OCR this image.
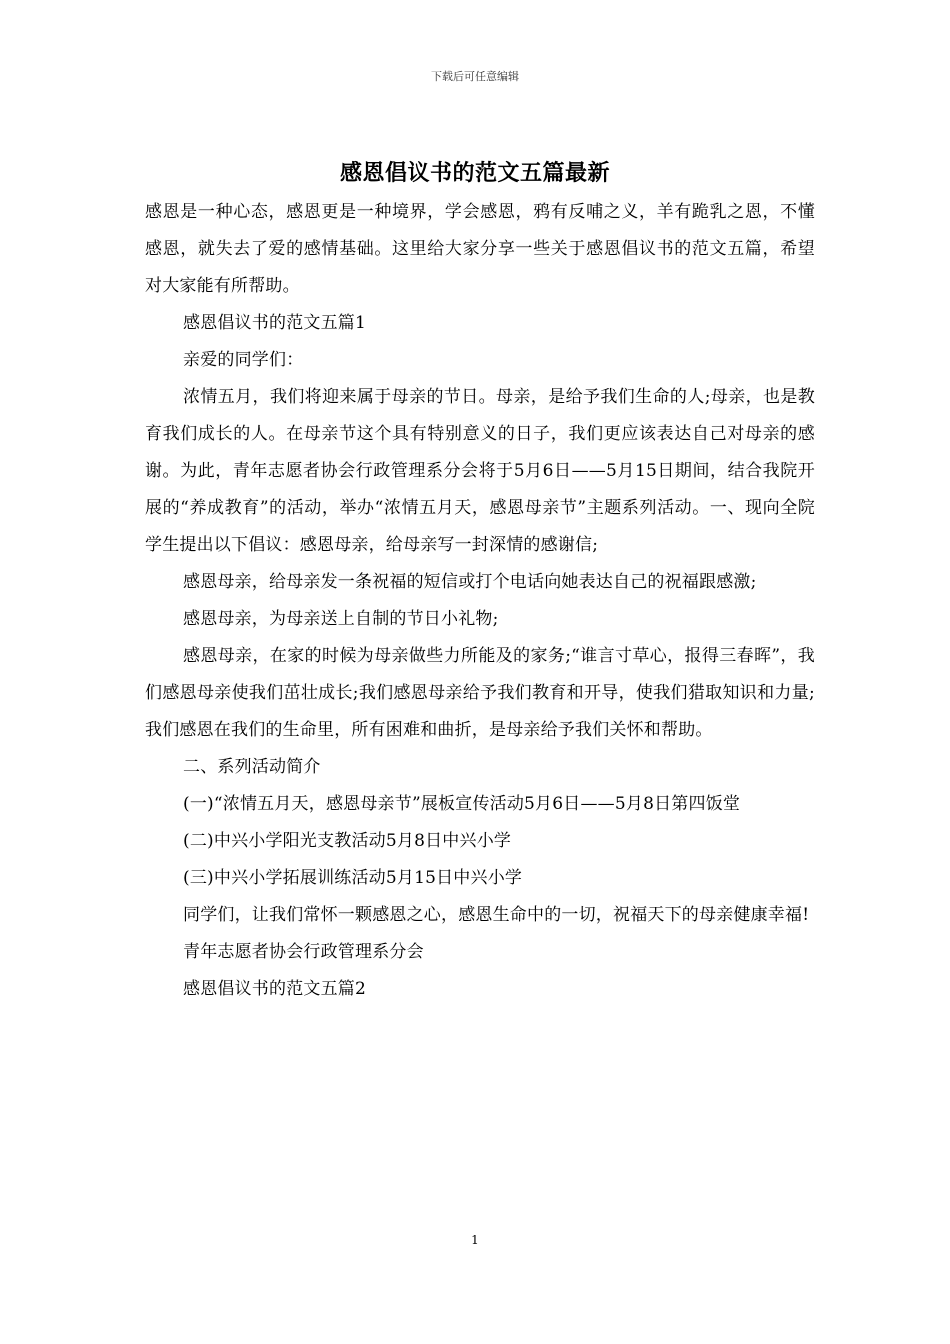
下载后可任意编辑
感恩倡议书的范文五篇最新

感恩是一种心态，感恩更是一种境界，学会感恩，鸦有反哺之义，羊有跪乳之恩，不懂感恩，就失去了爱的感情基础。这里给大家分享一些关于感恩倡议书的范文五篇，希望对大家能有所帮助。

感恩倡议书的范文五篇1

亲爱的同学们：

浓情五月，我们将迎来属于母亲的节日。母亲，是给予我们生命的人;母亲，也是教育我们成长的人。在母亲节这个具有特别意义的日子，我们更应该表达自己对母亲的感谢。为此，青年志愿者协会行政管理系分会将于5月6日——5月15日期间，结合我院开展的“养成教育”的活动，举办“浓情五月天，感恩母亲节”主题系列活动。一、现向全院学生提出以下倡议：感恩母亲，给母亲写一封深情的感谢信;

感恩母亲，给母亲发一条祝福的短信或打个电话向她表达自己的祝福跟感激;

感恩母亲，为母亲送上自制的节日小礼物;

感恩母亲，在家的时候为母亲做些力所能及的家务;“谁言寸草心，报得三春晖”，我们感恩母亲使我们茁壮成长;我们感恩母亲给予我们教育和开导，使我们猎取知识和力量;我们感恩在我们的生命里，所有困难和曲折，是母亲给予我们关怀和帮助。

二、系列活动简介

(一)“浓情五月天，感恩母亲节”展板宣传活动5月6日——5月8日第四饭堂

(二)中兴小学阳光支教活动5月8日中兴小学

(三)中兴小学拓展训练活动5月15日中兴小学

同学们，让我们常怀一颗感恩之心，感恩生命中的一切，祝福天下的母亲健康幸福!

青年志愿者协会行政管理系分会

感恩倡议书的范文五篇2

1
